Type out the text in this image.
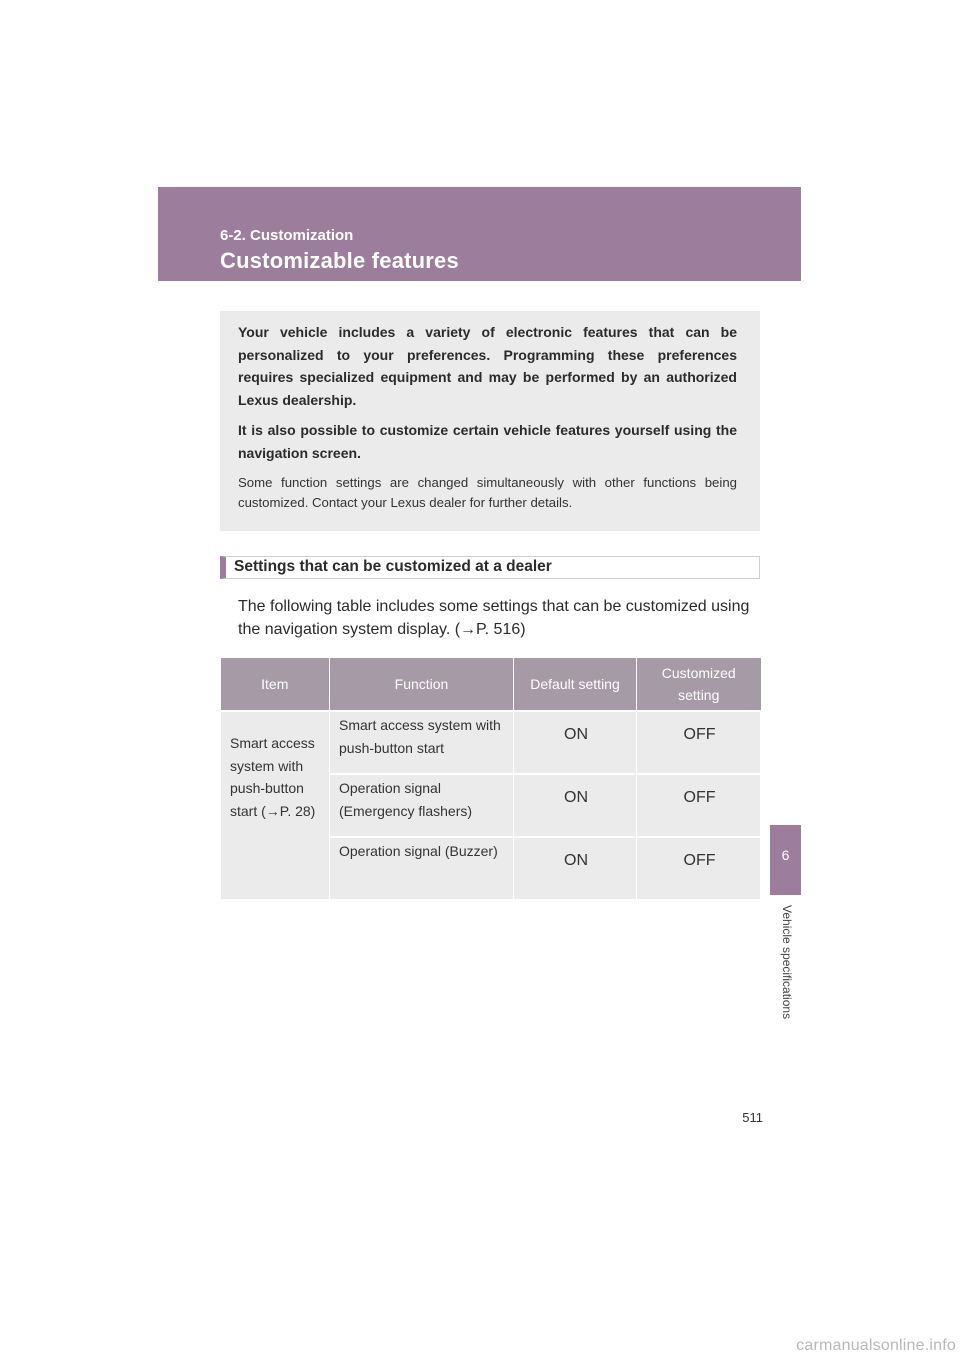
6-2. Customization
Customizable features
6
Vehicle specifications

Your vehicle includes a variety of electronic features that can be personalized to your preferences. Programming these preferences requires specialized equipment and may be performed by an authorized Lexus dealership.

It is also possible to customize certain vehicle features yourself using the navigation screen.

Some function settings are changed simultaneously with other functions being customized. Contact your Lexus dealer for further details.

Settings that can be customized at a dealer

The following table includes some settings that can be customized using the navigation system display. (→P. 516)

Item	Function	Default setting	Customized setting
Smart access system with push-button start (→P. 28)	Smart access system with push-button start	ON	OFF
	Operation signal (Emergency flashers)	ON	OFF
	Operation signal (Buzzer)	ON	OFF
511
carmanualsonline.info
